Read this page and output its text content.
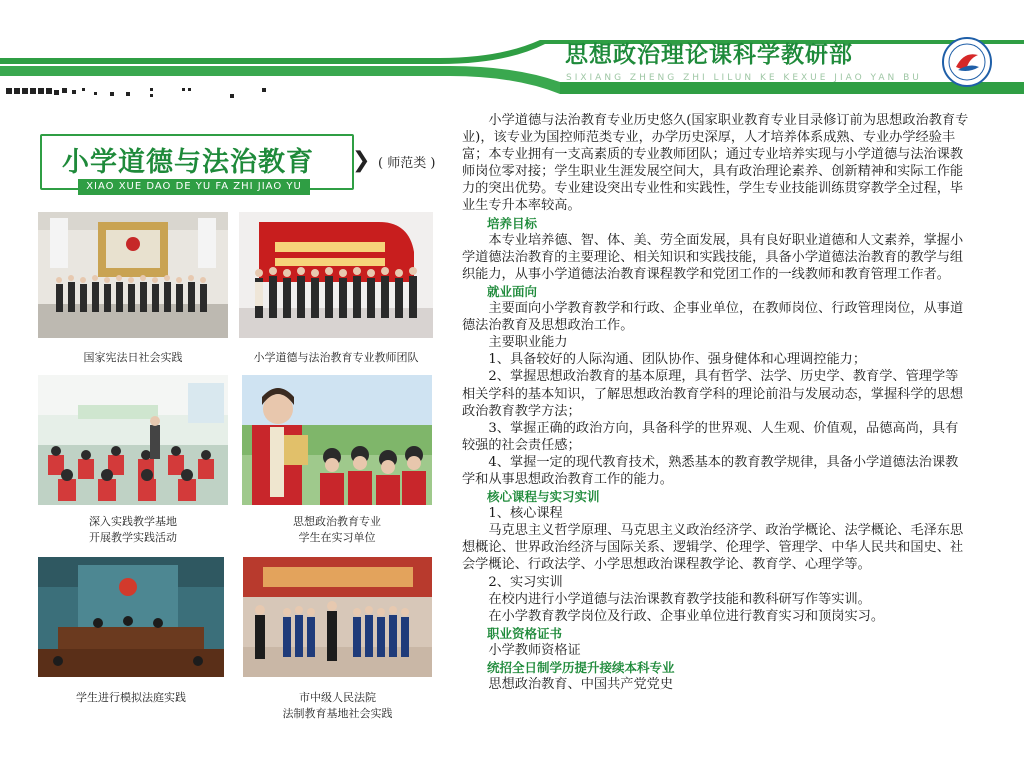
思想政治理论课科学教研部
SIXIANG ZHENG ZHI LILUN KE KEXUE JIAO YAN BU
小学道德与法治教育
XIAO XUE DAO DE YU FA ZHI JIAO YU
❯ ( 师范类 )
国家宪法日社会实践	小学道德与法治教育专业教师团队
深入实践教学基地
开展教学实践活动
思想政治教育专业
学生在实习单位
学生进行模拟法庭实践	市中级人民法院
法制教育基地社会实践

小学道德与法治教育专业历史悠久(国家职业教育专业目录修订前为思想政治教育专业)，该专业为国控师范类专业，办学历史深厚，人才培养体系成熟、专业办学经验丰富；本专业拥有一支高素质的专业教师团队；通过专业培养实现与小学道德与法治课教师岗位零对接；学生职业生涯发展空间大，具有政治理论素养、创新精神和实际工作能力的突出优势。专业建设突出专业性和实践性，学生专业技能训练贯穿教学全过程，毕业生专升本率较高。

培养目标

本专业培养德、智、体、美、劳全面发展，具有良好职业道德和人文素养，掌握小学道德法治教育的主要理论、相关知识和实践技能，具备小学道德法治教育的教学与组织能力，从事小学道德法治教育课程教学和党团工作的一线教师和教育管理工作者。

就业面向

主要面向小学教育教学和行政、企事业单位，在教师岗位、行政管理岗位，从事道德法治教育及思想政治工作。

主要职业能力

1、具备较好的人际沟通、团队协作、强身健体和心理调控能力；

2、掌握思想政治教育的基本原理，具有哲学、法学、历史学、教育学、管理学等相关学科的基本知识，了解思想政治教育学科的理论前沿与发展动态，掌握科学的思想政治教育教学方法；

3、掌握正确的政治方向，具备科学的世界观、人生观、价值观，品德高尚，具有较强的社会责任感；

4、掌握一定的现代教育技术，熟悉基本的教育教学规律，具备小学道德法治课教学和从事思想政治教育工作的能力。

核心课程与实习实训

1、核心课程

马克思主义哲学原理、马克思主义政治经济学、政治学概论、法学概论、毛泽东思想概论、世界政治经济与国际关系、逻辑学、伦理学、管理学、中华人民共和国史、社会学概论、行政法学、小学思想政治课程教学论、教育学、心理学等。

2、实习实训

在校内进行小学道德与法治课教育教学技能和教科研写作等实训。

在小学教育教学岗位及行政、企事业单位进行教育实习和顶岗实习。

职业资格证书

小学教师资格证

统招全日制学历提升接续本科专业

思想政治教育、中国共产党党史
